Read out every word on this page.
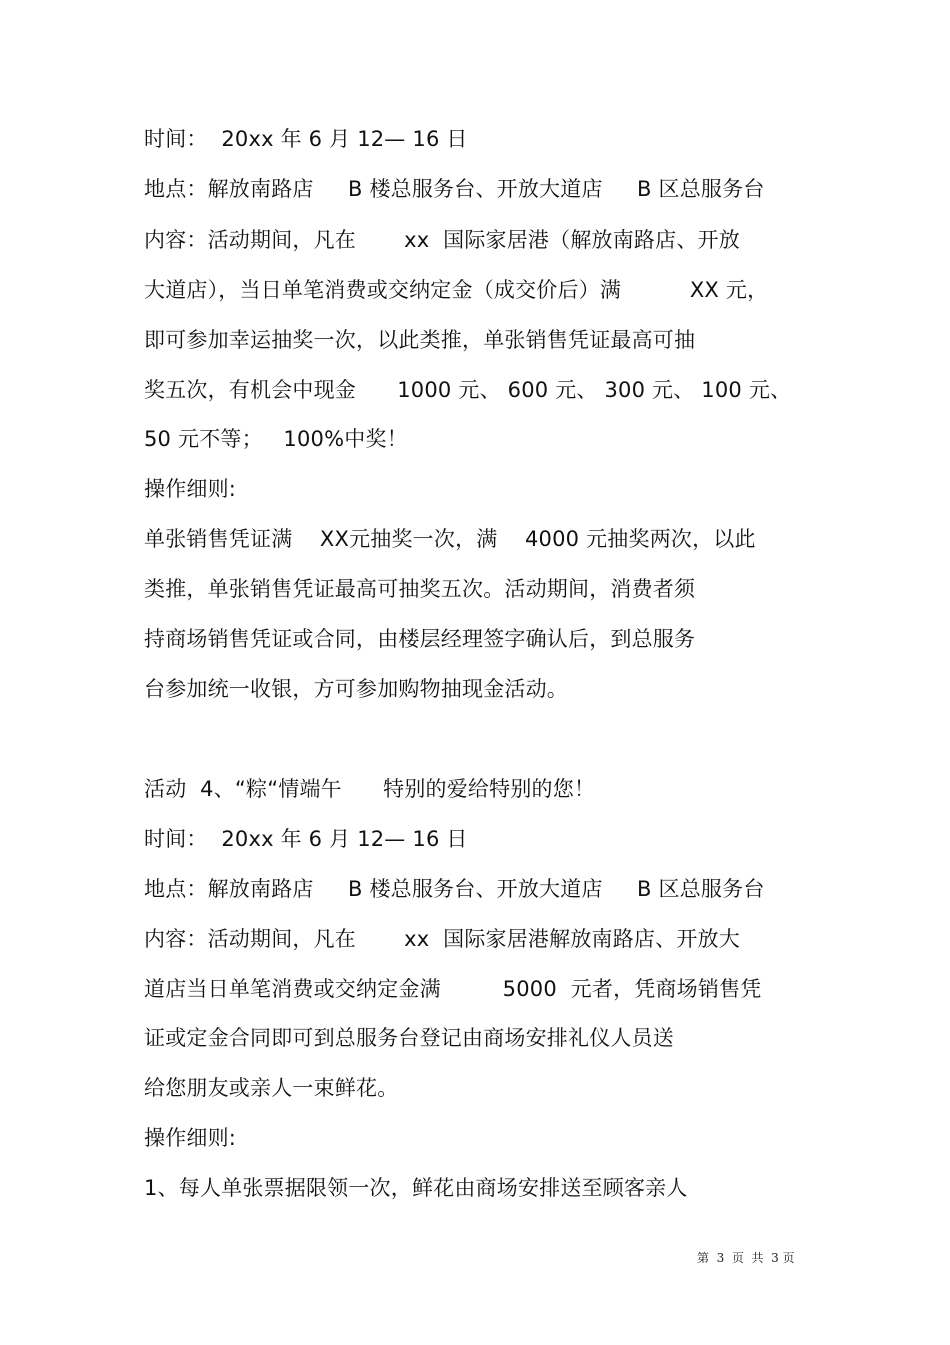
时间：  20xx 年 6 月 12— 16 日
地点：解放南路店     B 楼总服务台、开放大道店     B 区总服务台
内容：活动期间，凡在       xx  国际家居港（解放南路店、开放
大道店），当日单笔消费或交纳定金（成交价后）满          XX 元，
即可参加幸运抽奖一次，以此类推，单张销售凭证最高可抽
奖五次，有机会中现金      1000 元、 600 元、 300 元、 100 元、
50 元不等；   100%中奖！
操作细则:
单张销售凭证满    XX元抽奖一次，满    4000 元抽奖两次，以此
类推，单张销售凭证最高可抽奖五次。活动期间，消费者须
持商场销售凭证或合同，由楼层经理签字确认后，到总服务
台参加统一收银，方可参加购物抽现金活动。
活动  4、“粽“情端午      特别的爱给特别的您！
时间：  20xx 年 6 月 12— 16 日
地点：解放南路店     B 楼总服务台、开放大道店     B 区总服务台
内容：活动期间，凡在       xx  国际家居港解放南路店、开放大
道店当日单笔消费或交纳定金满         5000  元者，凭商场销售凭
证或定金合同即可到总服务台登记由商场安排礼仪人员送
给您朋友或亲人一束鲜花。
操作细则:
1、每人单张票据限领一次，鲜花由商场安排送至顾客亲人
第  3  页  共  3 页
